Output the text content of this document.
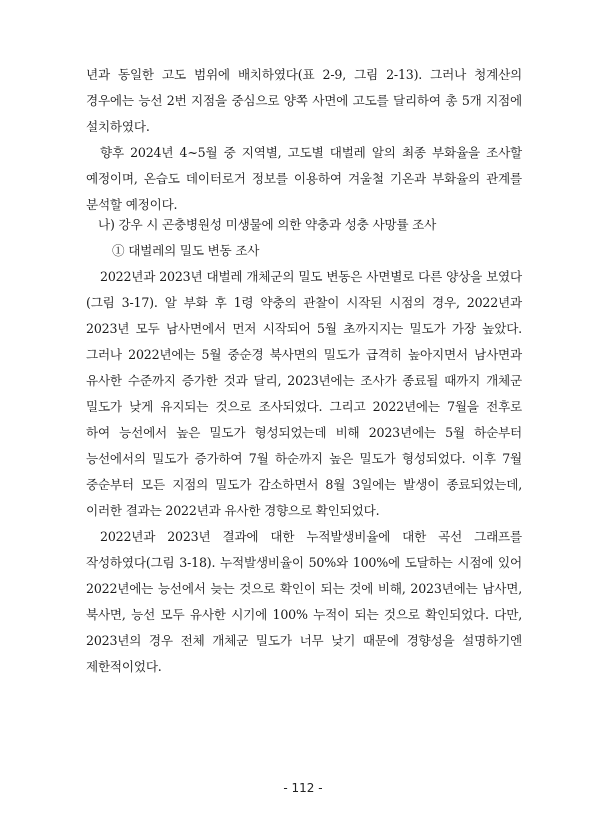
년과 동일한 고도 범위에 배치하였다(표 2-9, 그림 2-13). 그러나 청계산의 경우에는 능선 2번 지점을 중심으로 양쪽 사면에 고도를 달리하여 총 5개 지점에 설치하였다.

향후 2024년 4~5월 중 지역별, 고도별 대벌레 알의 최종 부화율을 조사할 예정이며, 온습도 데이터로거 정보를 이용하여 겨울철 기온과 부화율의 관계를 분석할 예정이다.

나) 강우 시 곤충병원성 미생물에 의한 약충과 성충 사망률 조사

① 대벌레의 밀도 변동 조사

2022년과 2023년 대벌레 개체군의 밀도 변동은 사면별로 다른 양상을 보였다(그림 3-17). 알 부화 후 1령 약충의 관찰이 시작된 시점의 경우, 2022년과 2023년 모두 남사면에서 먼저 시작되어 5월 초까지지는 밀도가 가장 높았다. 그러나 2022년에는 5월 중순경 북사면의 밀도가 급격히 높아지면서 남사면과 유사한 수준까지 증가한 것과 달리, 2023년에는 조사가 종료될 때까지 개체군 밀도가 낮게 유지되는 것으로 조사되었다. 그리고 2022년에는 7월을 전후로 하여 능선에서 높은 밀도가 형성되었는데 비해 2023년에는 5월 하순부터 능선에서의 밀도가 증가하여 7월 하순까지 높은 밀도가 형성되었다. 이후 7월 중순부터 모든 지점의 밀도가 감소하면서 8월 3일에는 발생이 종료되었는데, 이러한 결과는 2022년과 유사한 경향으로 확인되었다.

2022년과 2023년 결과에 대한 누적발생비율에 대한 곡선 그래프를 작성하였다(그림 3-18). 누적발생비율이 50%와 100%에 도달하는 시점에 있어 2022년에는 능선에서 늦는 것으로 확인이 되는 것에 비해, 2023년에는 남사면, 북사면, 능선 모두 유사한 시기에 100% 누적이 되는 것으로 확인되었다. 다만, 2023년의 경우 전체 개체군 밀도가 너무 낮기 때문에 경향성을 설명하기엔 제한적이었다.

- 112 -
